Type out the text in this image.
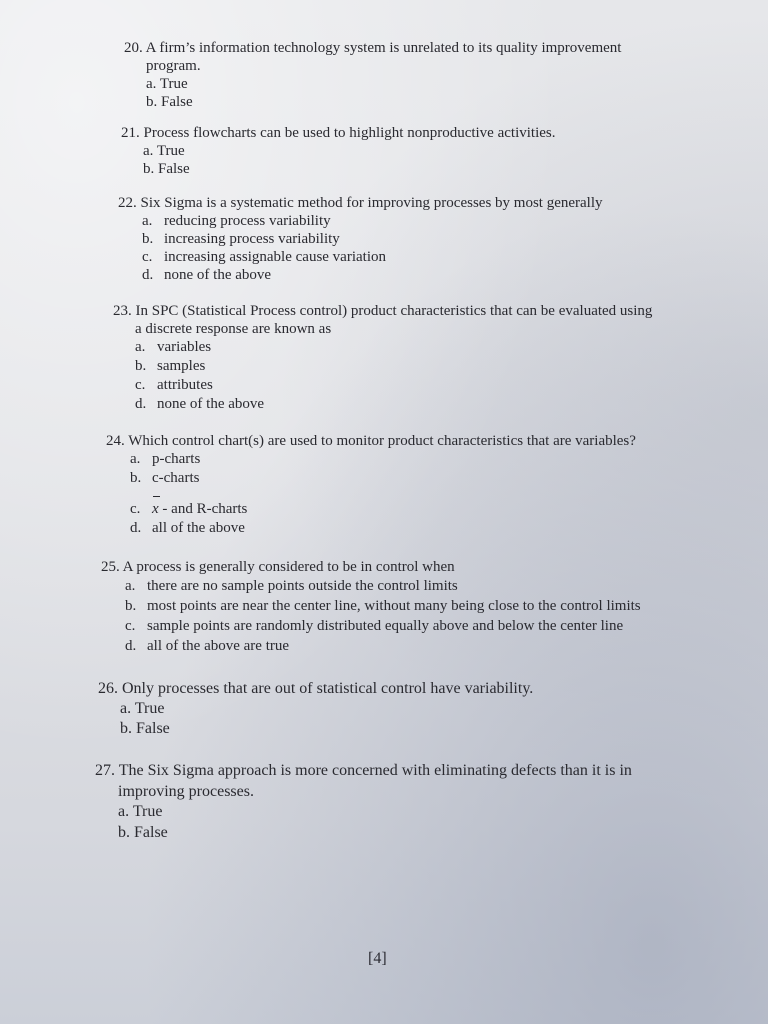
20. A firm’s information technology system is unrelated to its quality improvement
program.
a. True
b. False
21. Process flowcharts can be used to highlight nonproductive activities.
a. True
b. False
22. Six Sigma is a systematic method for improving processes by most generally
a. reducing process variability
b. increasing process variability
c. increasing assignable cause variation
d. none of the above
23. In SPC (Statistical Process control) product characteristics that can be evaluated using
a discrete response are known as
a. variables
b. samples
c. attributes
d. none of the above
24. Which control chart(s) are used to monitor product characteristics that are variables?
a. p-charts
b. c-charts
c. x - and R-charts
d. all of the above
25. A process is generally considered to be in control when
a. there are no sample points outside the control limits
b. most points are near the center line, without many being close to the control limits
c. sample points are randomly distributed equally above and below the center line
d. all of the above are true
26. Only processes that are out of statistical control have variability.
a. True
b. False
27. The Six Sigma approach is more concerned with eliminating defects than it is in
improving processes.
a. True
b. False
[4]
